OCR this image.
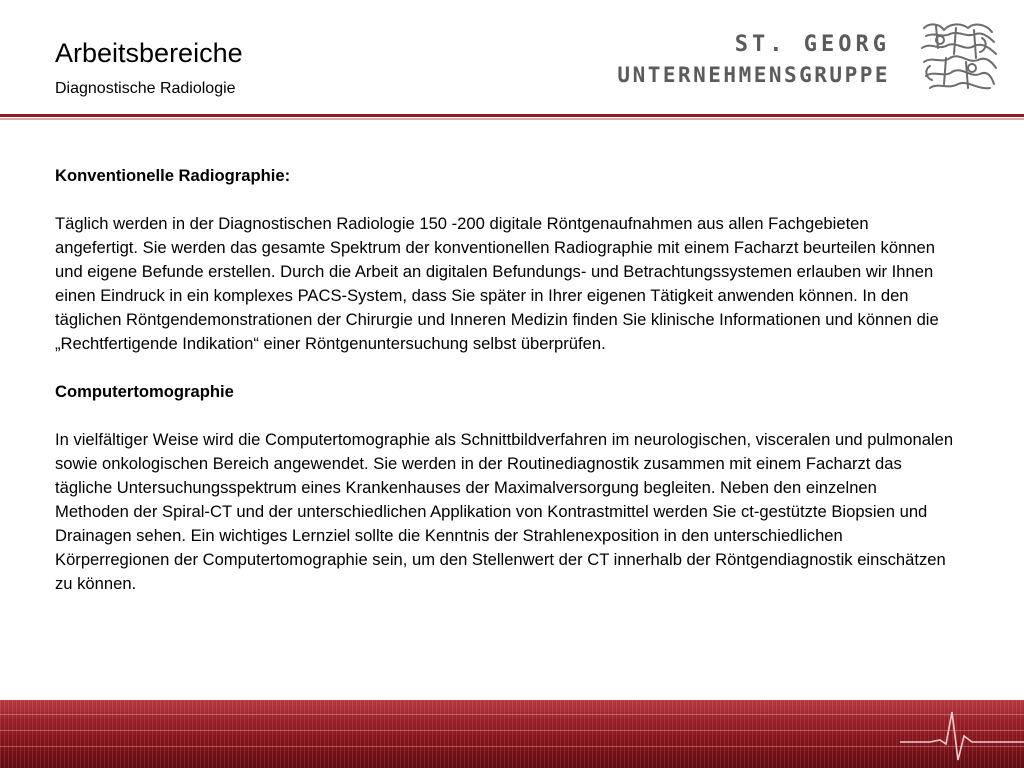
Arbeitsbereiche
Diagnostische Radiologie
ST. GEORG
UNTERNEHMENSGRUPPE
Konventionelle Radiographie:

Täglich werden in der Diagnostischen Radiologie 150 -200 digitale Röntgenaufnahmen aus allen Fachgebieten angefertigt. Sie werden das gesamte Spektrum der konventionellen Radiographie mit einem Facharzt beurteilen können und eigene Befunde erstellen. Durch die Arbeit an digitalen Befundungs- und Betrachtungssystemen erlauben wir Ihnen einen Eindruck in ein komplexes PACS-System, dass Sie später in Ihrer eigenen Tätigkeit anwenden können. In den täglichen Röntgendemonstrationen der Chirurgie und Inneren Medizin finden Sie klinische Informationen und können die „Rechtfertigende Indikation“ einer Röntgenuntersuchung selbst überprüfen.

Computertomographie

In vielfältiger Weise wird die Computertomographie als Schnittbildverfahren im neurologischen, visceralen und pulmonalen sowie onkologischen Bereich angewendet. Sie werden in der Routinediagnostik zusammen mit einem Facharzt das tägliche Untersuchungsspektrum eines Krankenhauses der Maximalversorgung begleiten. Neben den einzelnen Methoden der Spiral-CT und der unterschiedlichen Applikation von Kontrastmittel werden Sie ct-gestützte Biopsien und Drainagen sehen. Ein wichtiges Lernziel sollte die Kenntnis der Strahlenexposition in den unterschiedlichen Körperregionen der Computertomographie sein, um den Stellenwert der CT innerhalb der Röntgendiagnostik einschätzen zu können.
